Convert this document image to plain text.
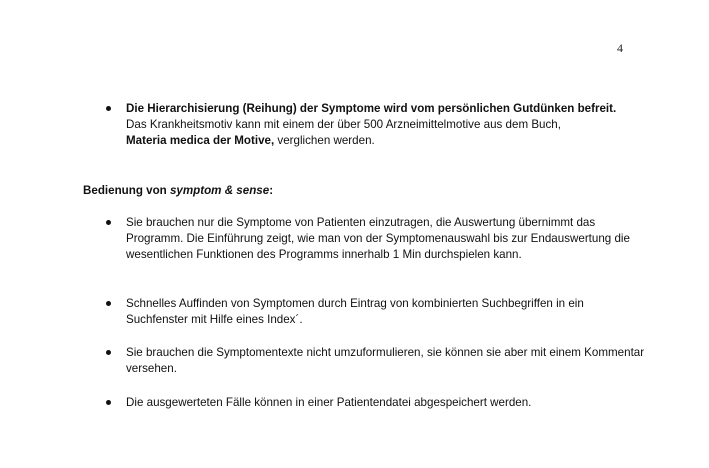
4
Die Hierarchisierung (Reihung) der Symptome wird vom persönlichen Gutdünken befreit.
Das Krankheitsmotiv kann mit einem der über 500 Arzneimittelmotive aus dem Buch,
Materia medica der Motive, verglichen werden.
Bedienung von symptom & sense:
Sie brauchen nur die Symptome von Patienten einzutragen, die Auswertung übernimmt das Programm. Die Einführung zeigt, wie man von der Symptomenauswahl bis zur Endauswertung die wesentlichen Funktionen des Programms innerhalb 1 Min durchspielen kann.
Schnelles Auffinden von Symptomen durch Eintrag von kombinierten Suchbegriffen in ein Suchfenster mit Hilfe eines Index´.
Sie brauchen die Symptomentexte nicht umzuformulieren, sie können sie aber mit einem Kommentar versehen.
Die ausgewerteten Fälle können in einer Patientendatei abgespeichert werden.
